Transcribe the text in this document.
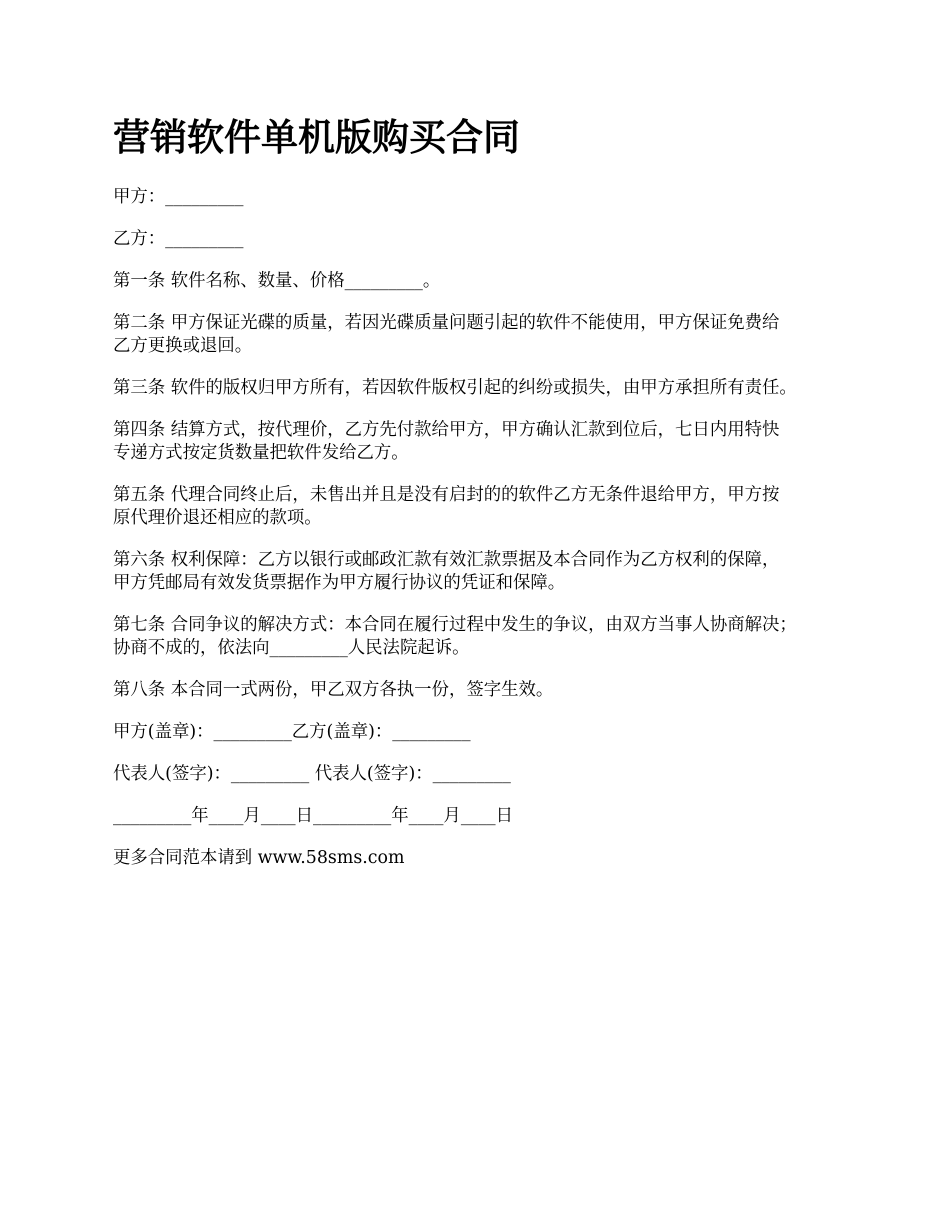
营销软件单机版购买合同

甲方：_________

乙方：_________

第一条 软件名称、数量、价格_________。

第二条 甲方保证光碟的质量，若因光碟质量问题引起的软件不能使用，甲方保证免费给
乙方更换或退回。

第三条 软件的版权归甲方所有，若因软件版权引起的纠纷或损失，由甲方承担所有责任。

第四条 结算方式，按代理价，乙方先付款给甲方，甲方确认汇款到位后，七日内用特快
专递方式按定货数量把软件发给乙方。

第五条 代理合同终止后，未售出并且是没有启封的的软件乙方无条件退给甲方，甲方按
原代理价退还相应的款项。

第六条 权利保障：乙方以银行或邮政汇款有效汇款票据及本合同作为乙方权利的保障，
甲方凭邮局有效发货票据作为甲方履行协议的凭证和保障。

第七条 合同争议的解决方式：本合同在履行过程中发生的争议，由双方当事人协商解决；
协商不成的，依法向_________人民法院起诉。

第八条 本合同一式两份，甲乙双方各执一份，签字生效。

甲方(盖章)：_________乙方(盖章)：_________

代表人(签字)：_________ 代表人(签字)：_________

_________年____月____日_________年____月____日

更多合同范本请到 www.58sms.com
